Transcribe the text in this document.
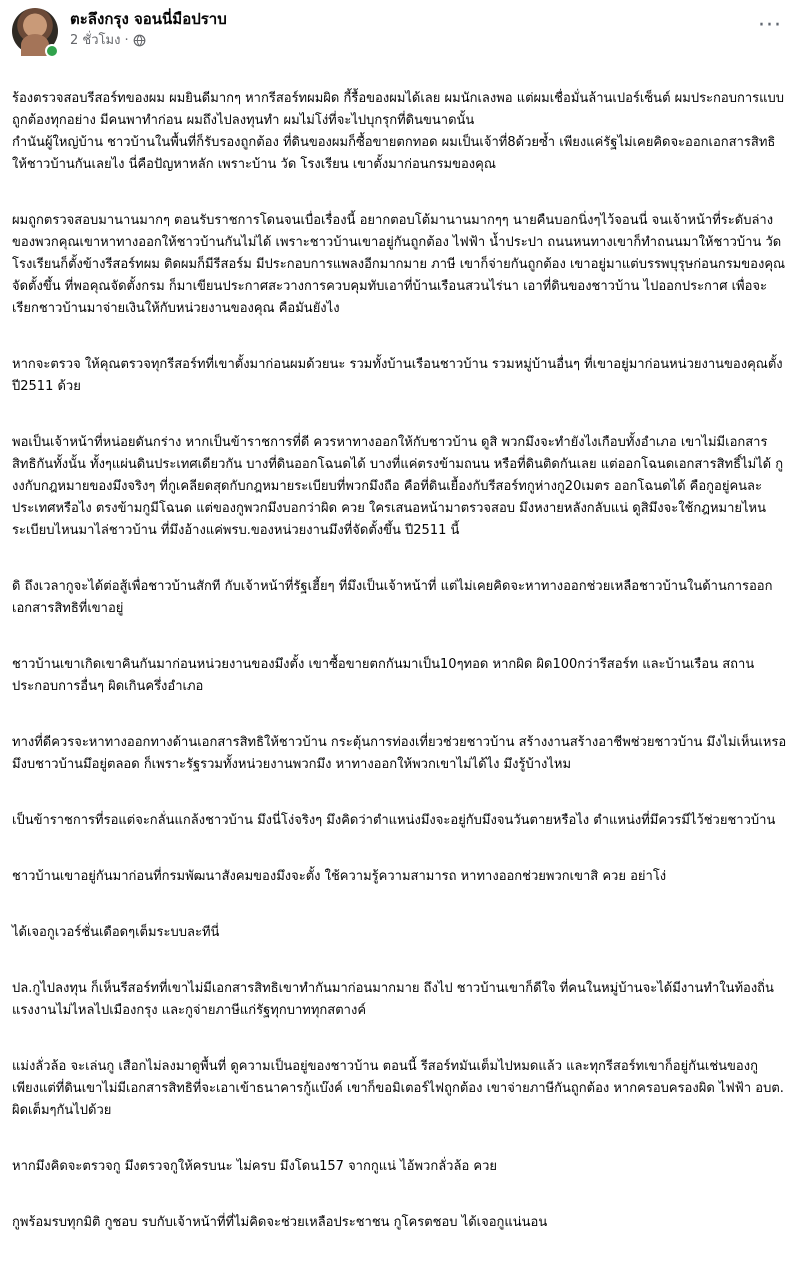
ตะลึงกรุง จอนนี่มือปราบ
2 ชั่วโมง ·
···

ร้องตรวจสอบรีสอร์ทของผม ผมยินดีมากๆ หากรีสอร์ทผมผิด กี้รื้อของผมได้เลย ผมนักเลงพอ แต่ผมเชื่อมั่นล้านเปอร์เซ็นต์ ผมประกอบการแบบถูกต้องทุกอย่าง มีคนพาทำก่อน ผมถึงไปลงทุนทำ ผมไม่โง่ที่จะไปบุกรุกที่ดินขนาดนั้น
กำนันผู้ใหญ่บ้าน ชาวบ้านในพื้นที่ก็รับรองถูกต้อง ที่ดินของผมก็ซื้อขายตกทอด ผมเป็นเจ้าที่8ด้วยซ้ำ เพียงแค่รัฐไม่เคยคิดจะออกเอกสารสิทธิให้ชาวบ้านกันเลยไง นี่คือปัญหาหลัก เพราะบ้าน วัด โรงเรียน เขาตั้งมาก่อนกรมของคุณ

ผมถูกตรวจสอบมานานมากๆ ตอนรับราชการโดนจนเบื่อเรื่องนี้ อยากตอบโต้มานานมากๆๆ นายคืนบอกนิ่งๆไว้จอนนี่ จนเจ้าหน้าที่ระดับล่างของพวกคุณเขาหาทางออกให้ชาวบ้านกันไม่ได้ เพราะชาวบ้านเขาอยู่กันถูกต้อง ไฟฟ้า น้ำประปา ถนนหนทางเขาก็ทำถนนมาให้ชาวบ้าน วัด โรงเรียนก็ตั้งข้างรีสอร์ทผม ติดผมก็มีรีสอร์ม มีประกอบการแพลงอีกมากมาย ภาษี เขาก็จ่ายกันถูกต้อง เขาอยู่มาแต่บรรพบุรุษก่อนกรมของคุณจัดตั้งขึ้น ที่พอคุณจัดตั้งกรม ก็มาเขียนประกาศสะวางการควบคุมทับเอาที่บ้านเรือนสวนไร่นา เอาที่ดินของชาวบ้าน ไปออกประกาศ เพื่อจะเรียกชาวบ้านมาจ่ายเงินให้กับหน่วยงานของคุณ คือมันยังไง

หากจะตรวจ ให้คุณตรวจทุกรีสอร์ทที่เขาตั้งมาก่อนผมด้วยนะ รวมทั้งบ้านเรือนชาวบ้าน รวมหมู่บ้านอื่นๆ ที่เขาอยู่มาก่อนหน่วยงานของคุณตั้งปี2511 ด้วย

พอเป็นเจ้าหน้าที่หน่อยดันกร่าง หากเป็นข้าราชการที่ดี ควรหาทางออกให้กับชาวบ้าน ดูสิ พวกมึงจะทำยังไงเกือบทั้งอำเภอ เขาไม่มีเอกสารสิทธิกันทั้งนั้น ทั้งๆแผ่นดินประเทศเดียวกัน บางที่ดินออกโฉนดได้ บางที่แค่ตรงข้ามถนน หรือที่ดินติดกันเลย แต่ออกโฉนดเอกสารสิทธิ์ไม่ได้ กูงงกับกฎหมายของมึงจริงๆ ที่กูเคลียดสุดกับกฎหมายระเบียบที่พวกมึงถือ คือที่ดินเยื้องกับรีสอร์ทกูห่างกู20เมตร ออกโฉนดได้ คือกูอยู่คนละประเทศหรือไง ตรงข้ามกูมีโฉนด แต่ของกูพวกมึงบอกว่าผิด ควย ใครเสนอหน้ามาตรวจสอบ มึงหงายหลังกลับแน่ ดูสิมึงจะใช้กฎหมายไหน ระเบียบไหนมาไล่ชาวบ้าน ที่มึงอ้างแค่พรบ.ของหน่วยงานมึงที่จัดตั้งขึ้น ปี2511 นี้

ดิ ถึงเวลากูจะได้ต่อสู้เพื่อชาวบ้านสักที กับเจ้าหน้าที่รัฐเฮี้ยๆ ที่มึงเป็นเจ้าหน้าที่ แต่ไม่เคยคิดจะหาทางออกช่วยเหลือชาวบ้านในด้านการออกเอกสารสิทธิที่เขาอยู่

ชาวบ้านเขาเกิดเขาคินกันมาก่อนหน่วยงานของมึงตั้ง เขาซื้อขายตกกันมาเป็น10ๆทอด หากผิด ผิด100กว่ารีสอร์ท และบ้านเรือน สถานประกอบการอื่นๆ ผิดเกินครึ่งอำเภอ

ทางที่ดีควรจะหาทางออกทางด้านเอกสารสิทธิให้ชาวบ้าน กระตุ้นการท่องเที่ยวช่วยชาวบ้าน สร้างงานสร้างอาชีพช่วยชาวบ้าน มึงไม่เห็นเหรอ มึงบชาวบ้านมึอยู่ตลอด ก็เพราะรัฐรวมทั้งหน่วยงานพวกมึง หาทางออกให้พวกเขาไม่ได้ไง มึงรู้บ้างไหม

เป็นข้าราชการที่รอแต่จะกลั่นแกล้งชาวบ้าน มึงนี่โง่จริงๆ มึงคิดว่าตำแหน่งมึงจะอยู่กับมึงจนวันตายหรือไง ตำแหน่งที่มึควรมีไว้ช่วยชาวบ้าน

ชาวบ้านเขาอยู่กันมาก่อนที่กรมพัฒนาสังคมของมึงจะตั้ง ใช้ความรู้ความสามารถ หาทางออกช่วยพวกเขาสิ ควย อย่าโง่

ได้เจอกูเวอร์ชั่นเดือดๆเต็มระบบละทีนี่

ปล.กูไปลงทุน ก็เห็นรีสอร์ทที่เขาไม่มีเอกสารสิทธิเขาทำกันมาก่อนมากมาย ถึงไป ชาวบ้านเขาก็ดีใจ ที่คนในหมู่บ้านจะได้มีงานทำในท้องถิ่น แรงงานไม่ไหลไปเมืองกรุง และกูจ่ายภาษีแก่รัฐทุกบาททุกสตางค์

แม่งลั่วล้อ จะเล่นกู เสือกไม่ลงมาดูพื้นที่ ดูความเป็นอยู่ของชาวบ้าน ตอนนี้ รีสอร์ทมันเต็มไปหมดแล้ว และทุกรีสอร์ทเขาก็อยู่กันเช่นของกู เพียงแต่ที่ดินเขาไม่มีเอกสารสิทธิที่จะเอาเข้าธนาคารกู้แบ๊งค์ เขาก็ขอมิเตอร์ไฟถูกต้อง เขาจ่ายภาษีกันถูกต้อง หากครอบครองผิด ไฟฟ้า อบต. ผิดเต็มๆกันไปด้วย

หากมึงคิดจะตรวจกู มึงตรวจกูให้ครบนะ ไม่ครบ มึงโดน157 จากกูแน่ ไอ้พวกลั่วล้อ ควย

กูพร้อมรบทุกมิติ กูชอบ รบกับเจ้าหน้าที่ที่ไม่คิดจะช่วยเหลือประชาชน กูโครตชอบ ได้เจอกูแน่นอน
